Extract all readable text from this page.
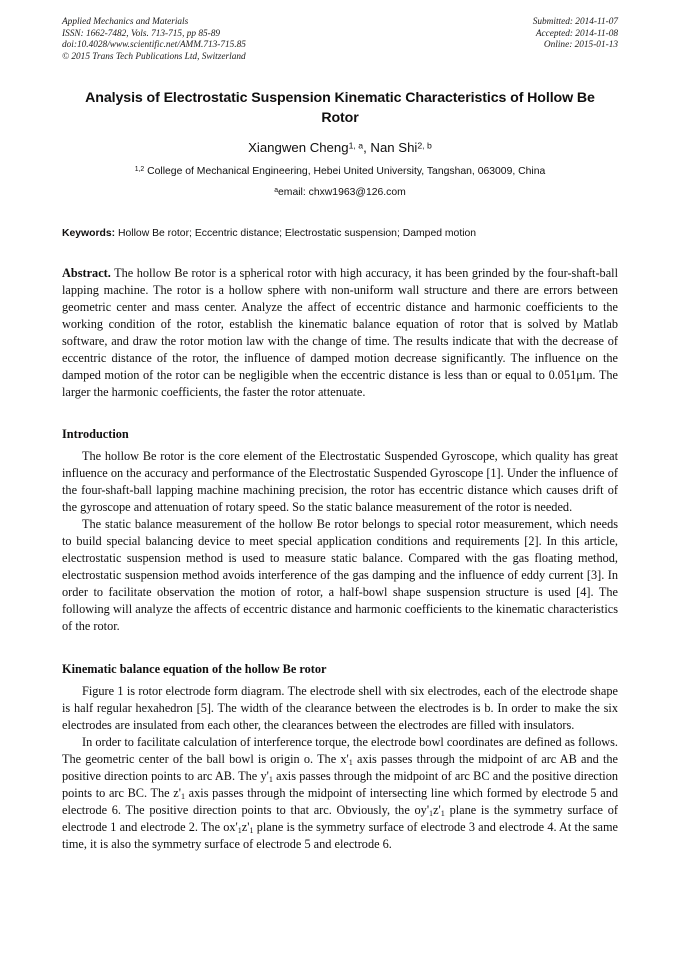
Applied Mechanics and Materials
ISSN: 1662-7482, Vols. 713-715, pp 85-89
doi:10.4028/www.scientific.net/AMM.713-715.85
© 2015 Trans Tech Publications Ltd, Switzerland
Submitted: 2014-11-07
Accepted: 2014-11-08
Online: 2015-01-13
Analysis of Electrostatic Suspension Kinematic Characteristics of Hollow Be Rotor
Xiangwen Cheng$^{1, a}$, Nan Shi$^{2, b}$
$^{1,2}$ College of Mechanical Engineering, Hebei United University, Tangshan, 063009, China
$^a$email: chxw1963@126.com
Keywords: Hollow Be rotor; Eccentric distance; Electrostatic suspension; Damped motion
Abstract. The hollow Be rotor is a spherical rotor with high accuracy, it has been grinded by the four-shaft-ball lapping machine. The rotor is a hollow sphere with non-uniform wall structure and there are errors between geometric center and mass center. Analyze the affect of eccentric distance and harmonic coefficients to the working condition of the rotor, establish the kinematic balance equation of rotor that is solved by Matlab software, and draw the rotor motion law with the change of time. The results indicate that with the decrease of eccentric distance of the rotor, the influence of damped motion decrease significantly. The influence on the damped motion of the rotor can be negligible when the eccentric distance is less than or equal to 0.051μm. The larger the harmonic coefficients, the faster the rotor attenuate.
Introduction

The hollow Be rotor is the core element of the Electrostatic Suspended Gyroscope, which quality has great influence on the accuracy and performance of the Electrostatic Suspended Gyroscope [1]. Under the influence of the four-shaft-ball lapping machine machining precision, the rotor has eccentric distance which causes drift of the gyroscope and attenuation of rotary speed. So the static balance measurement of the rotor is needed.

The static balance measurement of the hollow Be rotor belongs to special rotor measurement, which needs to build special balancing device to meet special application conditions and requirements [2]. In this article, electrostatic suspension method is used to measure static balance. Compared with the gas floating method, electrostatic suspension method avoids interference of the gas damping and the influence of eddy current [3]. In order to facilitate observation the motion of rotor, a half-bowl shape suspension structure is used [4]. The following will analyze the affects of eccentric distance and harmonic coefficients to the kinematic characteristics of the rotor.

Kinematic balance equation of the hollow Be rotor

Figure 1 is rotor electrode form diagram. The electrode shell with six electrodes, each of the electrode shape is half regular hexahedron [5]. The width of the clearance between the electrodes is b. In order to make the six electrodes are insulated from each other, the clearances between the electrodes are filled with insulators.

In order to facilitate calculation of interference torque, the electrode bowl coordinates are defined as follows. The geometric center of the ball bowl is origin o. The $x'_1$ axis passes through the midpoint of arc AB and the positive direction points to arc AB. The $y'_1$ axis passes through the midpoint of arc BC and the positive direction points to arc BC. The $z'_1$ axis passes through the midpoint of intersecting line which formed by electrode 5 and electrode 6. The positive direction points to that arc. Obviously, the $oy'_1z'_1$ plane is the symmetry surface of electrode 1 and electrode 2. The $ox'_1z'_1$ plane is the symmetry surface of electrode 3 and electrode 4. At the same time, it is also the symmetry surface of electrode 5 and electrode 6.
